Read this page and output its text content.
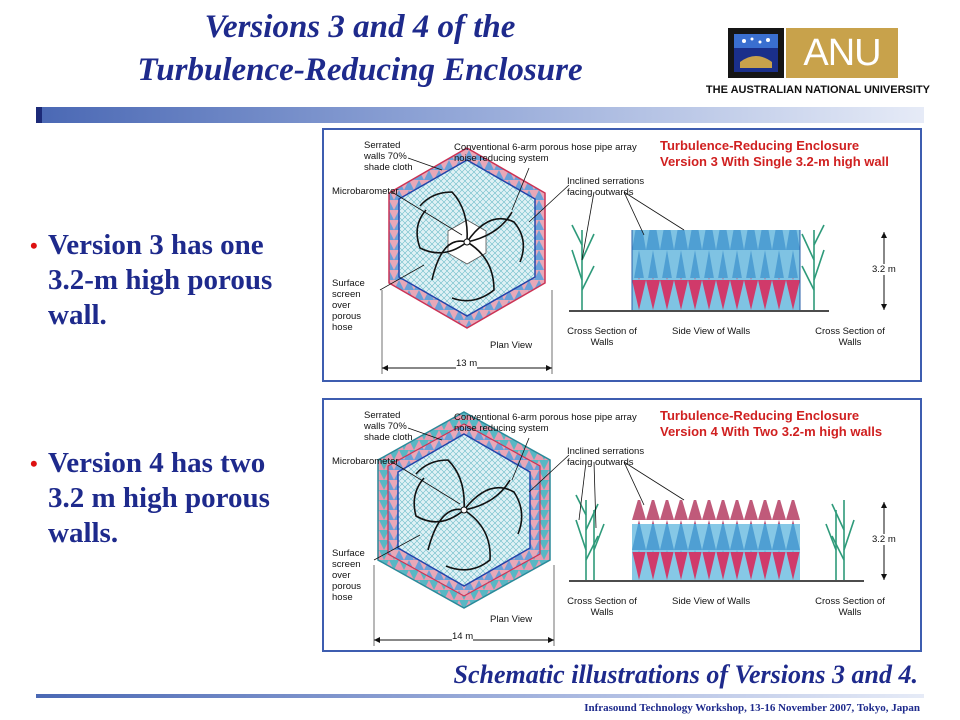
Versions 3 and 4 of the
Turbulence-Reducing Enclosure	ANU
THE AUSTRALIAN NATIONAL UNIVERSITY
• Version 3 has one 3.2-m high porous wall.
• Version 4 has two 3.2 m high porous walls.
Turbulence-Reducing Enclosure
Version 3 With Single 3.2-m high wall
Serrated walls 70% shade cloth
Conventional 6-arm porous hose pipe array noise reducing system
Microbarometer
Inclined serrations facing outwards
Surface screen over porous hose
Plan View
13 m
3.2 m
Cross Section of Walls
Side View of Walls	Cross Section of Walls
Turbulence-Reducing Enclosure
Version 4 With Two 3.2-m high walls
Serrated walls 70% shade cloth
Conventional 6-arm porous hose pipe array noise reducing system
Microbarometer
Inclined serrations facing outwards
Surface screen over porous hose
Plan View
14 m
3.2 m
Cross Section of Walls
Side View of Walls	Cross Section of Walls
Schematic illustrations of Versions 3 and 4.
Infrasound Technology Workshop, 13-16 November 2007, Tokyo, Japan
